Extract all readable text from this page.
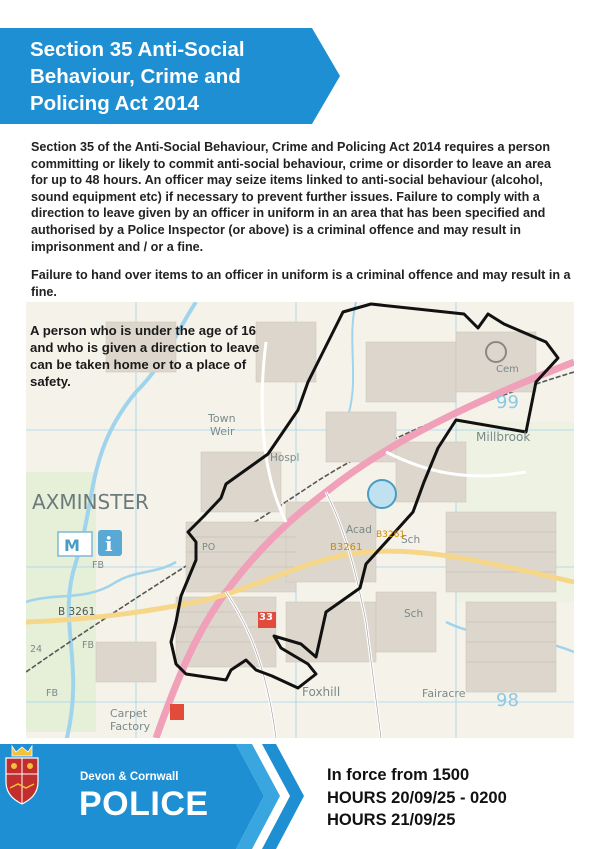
Section 35 Anti-Social
Behaviour, Crime and
Policing Act 2014
Section 35 of the Anti-Social Behaviour, Crime and Policing Act 2014 requires a person committing or likely to commit anti-social behaviour, crime or disorder to leave an area for up to 48 hours. An officer may seize items linked to anti-social behaviour (alcohol, sound equipment etc) if necessary to prevent further issues. Failure to comply with a direction to leave given by an officer in uniform in an area that has been specified and authorised by a Police Inspector (or above) is a criminal offence and may result in imprisonment and / or a fine.
Failure to hand over items to an officer in uniform is a criminal offence and may result in a fine.
M i
AXMINSTER
Town
Weir	Millbrook
Cem
Hospl
Acad
Sch
Sch
Foxhill	Fairacre
Carpet
Factory
B 3261
B3261
B3261
33
FB
FB
FB
PO
24
99
98
A person who is under the age of 16 and who is given a direction to leave can be taken home or to a place of safety.
Devon & Cornwall
POLICE
In force from 1500
HOURS 20/09/25 - 0200
HOURS 21/09/25
